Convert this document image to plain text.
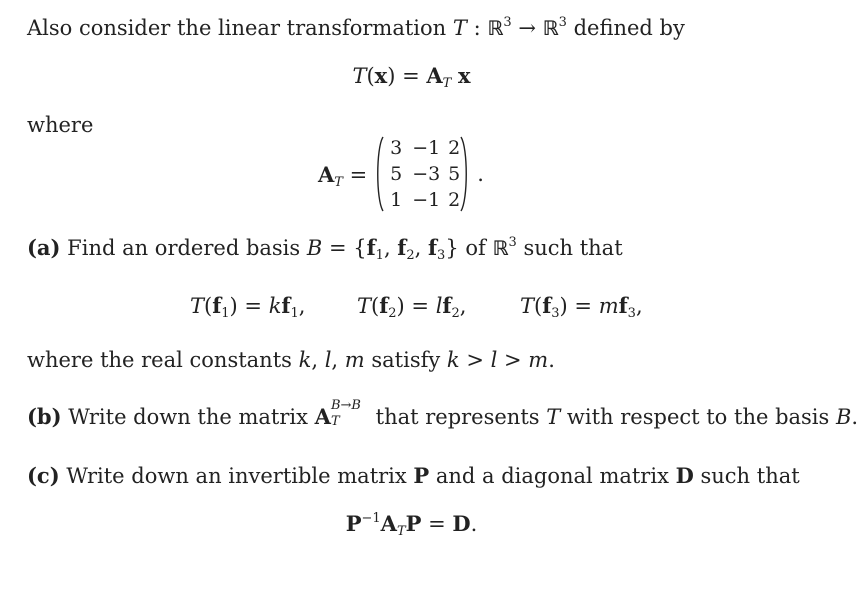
Also consider the linear transformation T : ℝ$^3$ → ℝ$^3$ defined by
$T(x) = A_T$ x
where
$A_T$ =
3 −1 2
5 −3 5
1 −1 2
.
(a) Find an ordered basis $B = \{f_1$, $f_2$, $f_3$} of ℝ$^3$ such that
$T(f_1) = kf_1$, $T(f_2) = lf_2$,	$T(f_3) = mf_3$,
where the real constants k, l, m satisfy k > l > m.
(b) Write down the matrix A B→B
T that represents T with respect to the basis B.
(c) Write down an invertible matrix P and a diagonal matrix D such that
$P^{-1}A_TP = D$.
